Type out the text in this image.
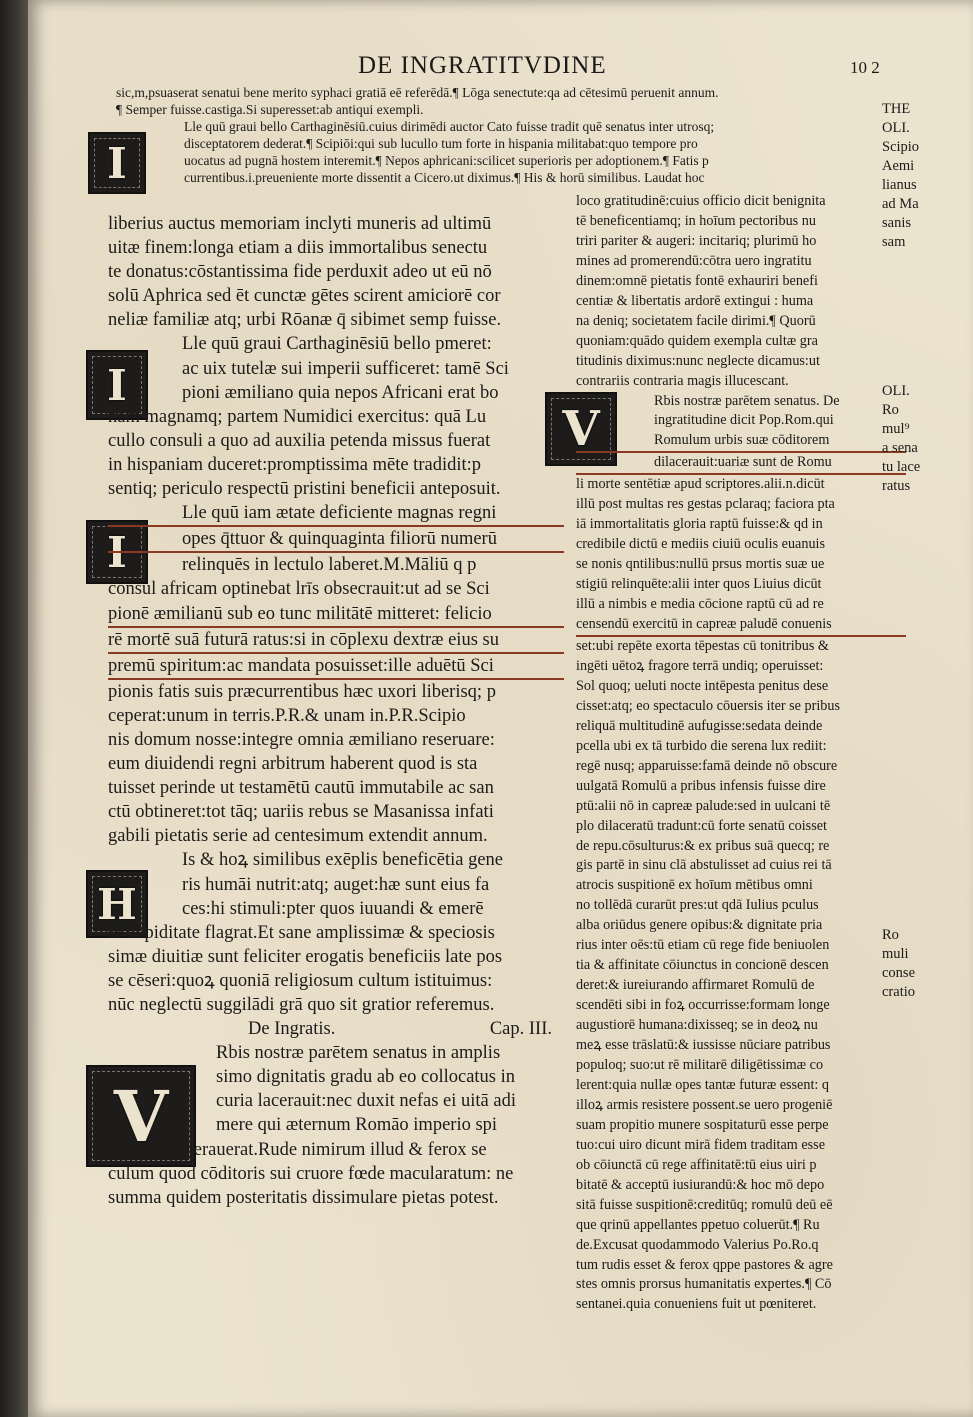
DE INGRATITVDINE	10 2
sic,m,psuaserat senatui bene merito syphaci gratiā eē referēdā.¶ Lōga senectute:qa ad cētesimū peruenit annum.
¶ Semper fuisse.castiga.Si superesset:ab antiqui exempli.
Lle quū graui bello Carthaginēsiū.cuius dirimēdi auctor Cato fuisse tradit quē senatus inter utrosq;
disceptatorem dederat.¶ Scipiōi:qui sub lucullo tum forte in hispania militabat:quo tempore pro
uocatus ad pugnā hostem interemit.¶ Nepos aphricani:scilicet superioris per adoptionem.¶ Fatis p
currentibus.i.preueniente morte dissentit a Cicero.ut diximus.¶ His & horū similibus. Laudat hoc
I
I
I
H
V
V
liberius auctus memoriam inclyti muneris ad ultimū
uitæ finem:longa etiam a diis immortalibus senectu
te donatus:cōstantissima fide perduxit adeo ut eū nō
solū Aphrica sed ēt cunctæ gētes scirent amiciorē cor
neliæ familiæ atq; urbi Rōanæ q̄ sibimet semp fuisse.
Lle quū graui Carthaginēsiū bello pmeret:
ac uix tutelæ sui imperii sufficeret: tamē Sci
pioni æmiliano quia nepos Africani erat bo
nam magnamq; partem Numidici exercitus: quā Lu
cullo consuli a quo ad auxilia petenda missus fuerat
in hispaniam duceret:promptissima mēte tradidit:p
sentiq; periculo respectū pristini beneficii anteposuit.
Lle quū iam ætate deficiente magnas regni
opes q̄ttuor & quinquaginta filiorū numerū
relinquēs in lectulo laberet.M.Māliū q p
consul africam optinebat lrīs obsecrauit:ut ad se Sci
pionē æmilianū sub eo tunc militātē mitteret: felicio
rē mortē suā futurā ratus:si in cōplexu dextræ eius su
premū spiritum:ac mandata posuisset:ille aduētū Sci
pionis fatis suis præcurrentibus hæc uxori liberisq; p
ceperat:unum in terris.P.R.& unam in.P.R.Scipio
nis domum nosse:integre omnia æmiliano reseruare:
eum diuidendi regni arbitrum haberent quod is sta
tuisset perinde ut testamētū cautū immutabile ac san
ctū obtineret:tot tāq; uariis rebus se Masanissa infati
gabili pietatis serie ad centesimum extendit annum.
Is & hoꝝ similibus exēplis beneficētia gene
ris humāi nutrit:atq; auget:hæ sunt eius fa
ces:hi stimuli:pter quos iuuandi & emerē
di cupiditate flagrat.Et sane amplissimæ & speciosis
simæ diuitiæ sunt feliciter erogatis beneficiis late pos
se cēseri:quoꝝ quoniā religiosum cultum istituimus:
nūc neglectū suggilādi grā quo sit gratior referemus.
De Ingratis.	Cap. III.
Rbis nostræ parētem senatus in amplis
simo dignitatis gradu ab eo collocatus in
curia lacerauit:nec duxit nefas ei uitā adi
mere qui æternum Romāo imperio spi
ritum ingenerauerat.Rude nimirum illud & ferox se
culum quod cōditoris sui cruore fœde macularatum: ne
summa quidem posteritatis dissimulare pietas potest.
loco gratitudinē:cuius officio dicit benignita
tē beneficentiamq; in hoīum pectoribus nu
triri pariter & augeri: incitariq; plurimū ho
mines ad promerendū:cōtra uero ingratitu
dinem:omnē pietatis fontē exhauriri benefi
centiæ & libertatis ardorē extingui : huma
na deniq; societatem facile dirimi.¶ Quorū
quoniam:quādo quidem exempla cultæ gra
titudinis diximus:nunc neglecte dicamus:ut
contrariis contraria magis illucescant.
Rbis nostræ parētem senatus. De
ingratitudine dicit Pop.Rom.qui
Romulum urbis suæ cōditorem
dilacerauit:uariæ sunt de Romu
li morte sentētiæ apud scriptores.alii.n.dicūt
illū post multas res gestas pclaraq; faciora pta
iā immortalitatis gloria raptū fuisse:& qd in
credibile dictū e mediis ciuiū oculis euanuis
se nonis qntilibus:nullū prsus mortis suæ ue
stigiū relinquēte:alii inter quos Liuius dicūt
illū a nimbis e media cōcione raptū cū ad re
censendū exercitū in capreæ paludē conuenis
set:ubi repēte exorta tēpestas cū tonitribus &
ingēti uētoꝝ fragore terrā undiq; operuisset:
Sol quoq; ueluti nocte intēpesta penitus dese
cisset:atq; eo spectaculo cōuersis iter se pribus
reliquā multitudinē aufugisse:sedata deinde
pcella ubi ex tā turbido die serena lux rediit:
regē nusq; apparuisse:famā deinde nō obscure
uulgatā Romulū a pribus infensis fuisse dire
ptū:alii nō in capreæ palude:sed in uulcani tē
plo dilaceratū tradunt:cū forte senatū coisset
de repu.cōsulturus:& ex pribus suā quecq; re
gis partē in sinu clā abstulisset ad cuius rei tā
atrocis suspitionē ex hoīum mētibus omni
no tollēdā curarūt pres:ut qdā Iulius pculus
alba oriūdus genere opibus:& dignitate pria
rius inter oēs:tū etiam cū rege fide beniuolen
tia & affinitate cōiunctus in concionē descen
deret:& iureiurando affirmaret Romulū de
scendēti sibi in foꝝ occurrisse:formam longe
augustiorē humana:dixisseq; se in deoꝝ nu
meꝝ esse trāslatū:& iussisse nūciare patribus
populoq; suo:ut rē militarē diligētissimæ co
lerent:quia nullæ opes tantæ futuræ essent: q
illoꝝ armis resistere possent.se uero progeniē
suam propitio munere sospitaturū esse perpe
tuo:cui uiro dicunt mirā fidem traditam esse
ob cōiunctā cū rege affinitatē:tū eius uiri p
bitatē & acceptū iusiurandū:& hoc mō depo
sitā fuisse suspitionē:creditūq; romulū deū eē
que qrinū appellantes ppetuo coluerūt.¶ Ru
de.Excusat quodammodo Valerius Po.Ro.q
tum rudis esset & ferox qppe pastores & agre
stes omnis prorsus humanitatis expertes.¶ Cō
sentanei.quia conueniens fuit ut pœniteret.
THE
OLI.
Scipio
Aemi
lianus
ad Ma
sanis
sam
OLI.
Ro
mul⁹
a sena
tu lace
ratus
Ro
muli
conse
cratio
